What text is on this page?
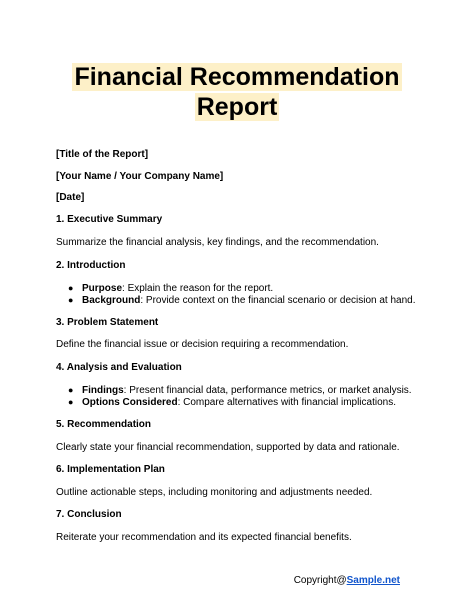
Financial Recommendation
Report
[Title of the Report]
[Your Name / Your Company Name]
[Date]
1. Executive Summary
Summarize the financial analysis, key findings, and the recommendation.
2. Introduction
● Purpose: Explain the reason for the report.
● Background: Provide context on the financial scenario or decision at hand.
3. Problem Statement
Define the financial issue or decision requiring a recommendation.
4. Analysis and Evaluation
● Findings: Present financial data, performance metrics, or market analysis.
● Options Considered: Compare alternatives with financial implications.
5. Recommendation
Clearly state your financial recommendation, supported by data and rationale.
6. Implementation Plan
Outline actionable steps, including monitoring and adjustments needed.
7. Conclusion
Reiterate your recommendation and its expected financial benefits.
Copyright@Sample.net
